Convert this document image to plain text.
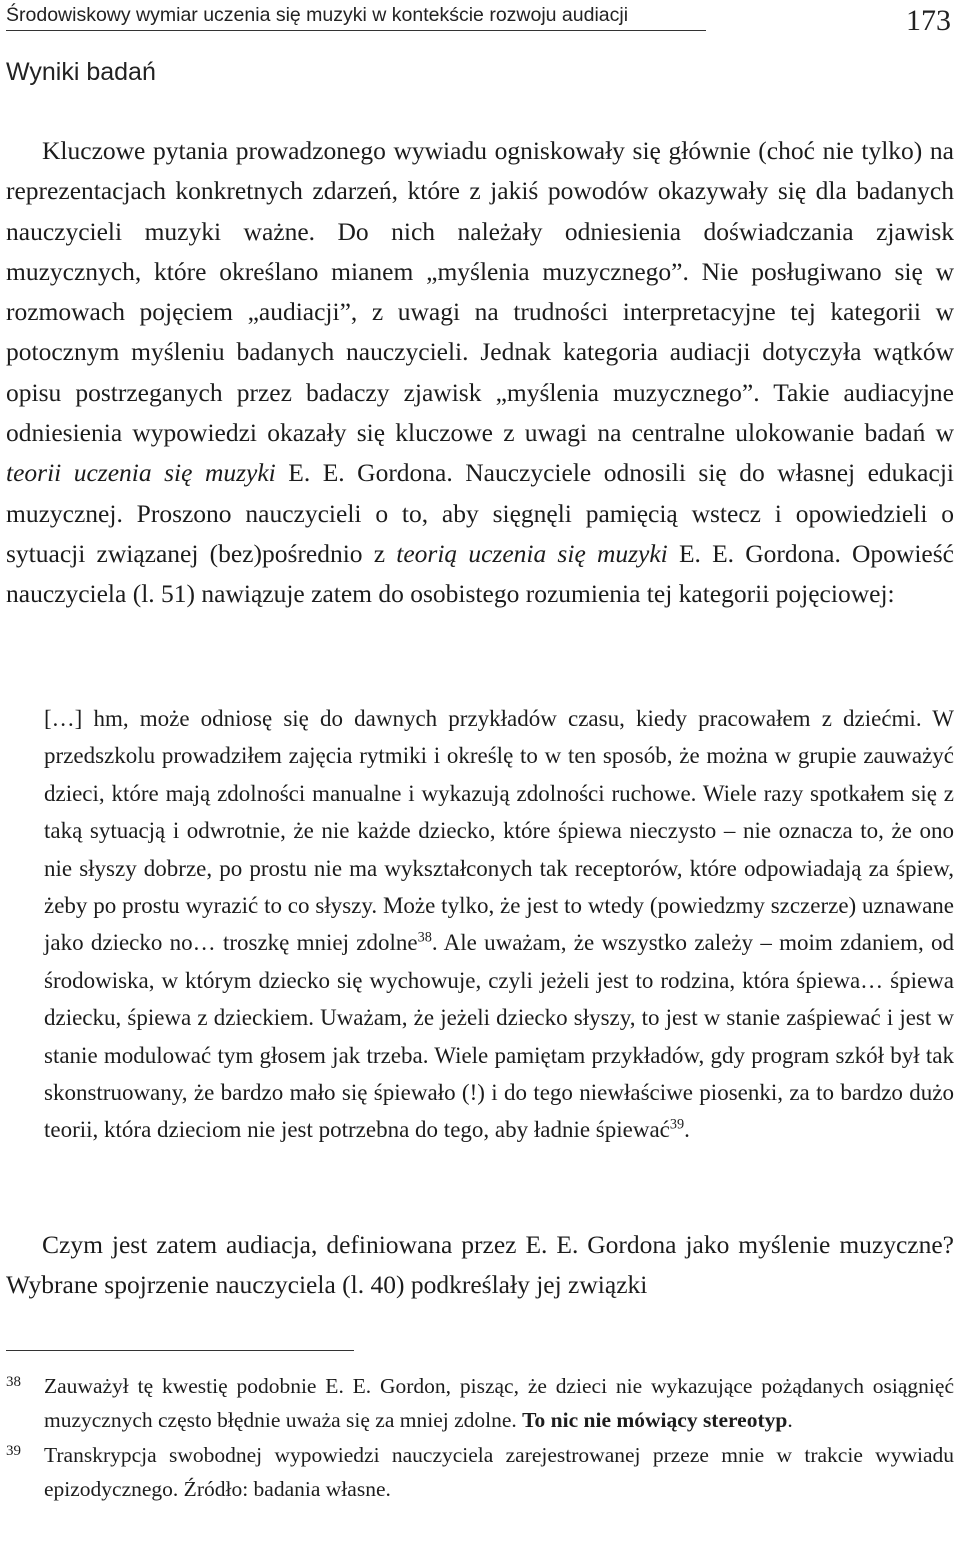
Środowiskowy wymiar uczenia się muzyki w kontekście rozwoju audiacji	173
Wyniki badań

Kluczowe pytania prowadzonego wywiadu ogniskowały się głównie (choć nie tylko) na reprezentacjach konkretnych zdarzeń, które z jakiś powodów okazywały się dla badanych nauczycieli muzyki ważne. Do nich należały odniesienia doświadczania zjawisk muzycznych, które określano mianem „myślenia muzycznego”. Nie posługiwano się w rozmowach pojęciem „audiacji”, z uwagi na trudności interpretacyjne tej kategorii w potocznym myśleniu badanych nauczycieli. Jednak kategoria audiacji dotyczyła wątków opisu postrzeganych przez badaczy zjawisk „myślenia muzycznego”. Takie audiacyjne odniesienia wypowiedzi okazały się kluczowe z uwagi na centralne ulokowanie badań w teorii uczenia się muzyki E. E. Gordona. Nauczyciele odnosili się do własnej edukacji muzycznej. Proszono nauczycieli o to, aby sięgnęli pamięcią wstecz i opowiedzieli o sytuacji związanej (bez)pośrednio z teorią uczenia się muzyki E. E. Gordona. Opowieść nauczyciela (l. 51) nawiązuje zatem do osobistego rozumienia tej kategorii pojęciowej:

[…] hm, może odniosę się do dawnych przykładów czasu, kiedy pracowałem z dziećmi. W przedszkolu prowadziłem zajęcia rytmiki i określę to w ten sposób, że można w grupie zauważyć dzieci, które mają zdolności manualne i wykazują zdolności ruchowe. Wiele razy spotkałem się z taką sytuacją i odwrotnie, że nie każde dziecko, które śpiewa nieczysto – nie oznacza to, że ono nie słyszy dobrze, po prostu nie ma wykształconych tak receptorów, które odpowiadają za śpiew, żeby po prostu wyrazić to co słyszy. Może tylko, że jest to wtedy (powiedzmy szczerze) uznawane jako dziecko no… troszkę mniej zdolne$^{38}$. Ale uważam, że wszystko zależy – moim zdaniem, od środowiska, w którym dziecko się wychowuje, czyli jeżeli jest to rodzina, która śpiewa… śpiewa dziecku, śpiewa z dzieckiem. Uważam, że jeżeli dziecko słyszy, to jest w stanie zaśpiewać i jest w stanie modulować tym głosem jak trzeba. Wiele pamiętam przykładów, gdy program szkół był tak skonstruowany, że bardzo mało się śpiewało (!) i do tego niewłaściwe piosenki, za to bardzo dużo teorii, która dzieciom nie jest potrzebna do tego, aby ładnie śpiewać$^{39}$.

Czym jest zatem audiacja, definiowana przez E. E. Gordona jako myślenie muzyczne? Wybrane spojrzenie nauczyciela (l. 40) podkreślały jej związki

38 Zauważył tę kwestię podobnie E. E. Gordon, pisząc, że dzieci nie wykazujące pożądanych osiągnięć muzycznych często błędnie uważa się za mniej zdolne. To nic nie mówiący stereotyp.
39 Transkrypcja swobodnej wypowiedzi nauczyciela zarejestrowanej przeze mnie w trakcie wywiadu epizodycznego. Źródło: badania własne.
